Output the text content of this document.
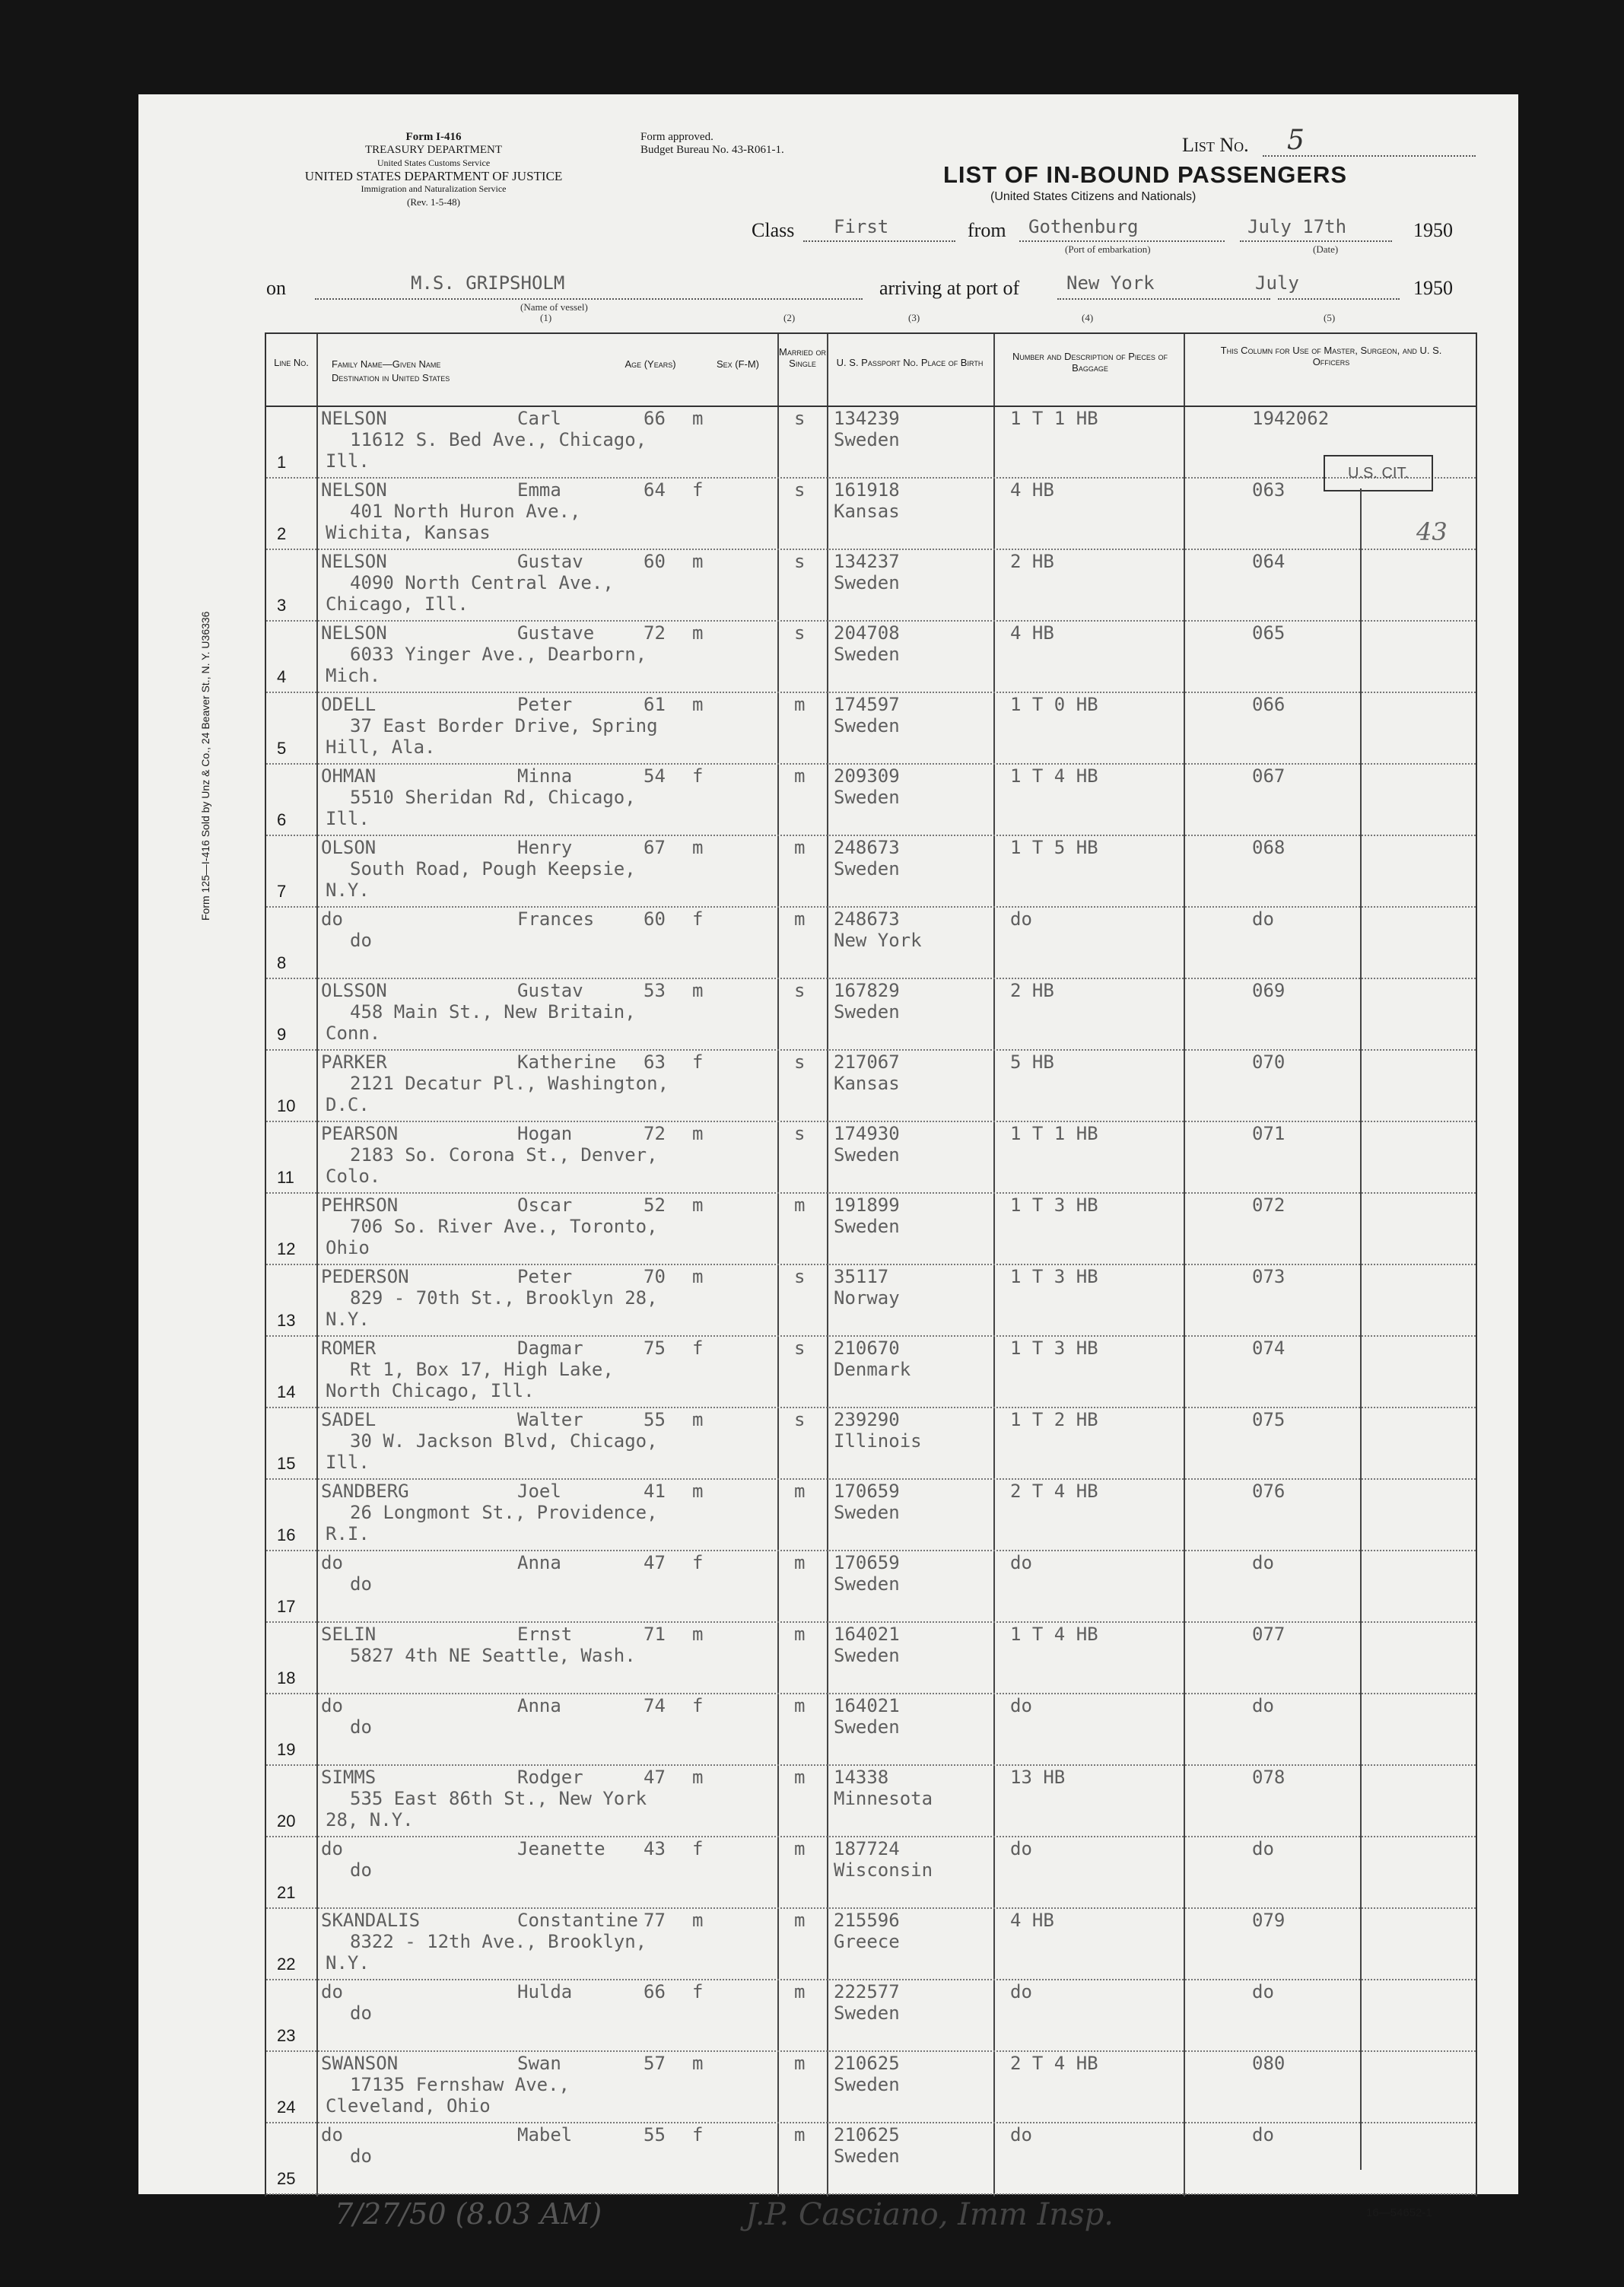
Form I-416
TREASURY DEPARTMENT
United States Customs Service
UNITED STATES DEPARTMENT OF JUSTICE
Immigration and Naturalization Service
(Rev. 1-5-48)
Form approved.
Budget Bureau No. 43-R061-1.	List No. 5
LIST OF IN-BOUND PASSENGERS
(United States Citizens and Nationals)
Class First	from Gothenburg	July 17th	1950
(Port of embarkation)	(Date)
on	M.S. GRIPSHOLM
(Name of vessel)
arriving at port of	New York	July	1950
(1)	(2)	(3)	(4)	(5)
Form 125—I-416 Sold by Unz & Co., 24 Beaver St., N. Y. U36336
Line No.	Family Name—Given Name
Destination in United States
Age (Years)	Sex (F-M)
Married or Single	U. S. Passport No. Place of Birth
Number and Description of Pieces of Baggage
This Column for Use of Master, Surgeon, and U. S. Officers
1
NELSON	Carl
11612 S. Bed Ave., Chicago,
Ill.
66 m	s 134239
Sweden
1 T 1 HB	1942062
2
NELSON	Emma
401 North Huron Ave.,
Wichita, Kansas
64 f	s 161918
Kansas
4 HB	063
3
NELSON	Gustav
4090 North Central Ave.,
Chicago, Ill.
60 m	s 134237
Sweden
2 HB	064
4
NELSON	Gustave
6033 Yinger Ave., Dearborn,
Mich.
72 m	s 204708
Sweden
4 HB	065
5
ODELL	Peter
37 East Border Drive, Spring
Hill, Ala.
61 m	m 174597
Sweden
1 T 0 HB	066
6
OHMAN	Minna
5510 Sheridan Rd, Chicago,
Ill.
54 f	m 209309
Sweden
1 T 4 HB	067
7
OLSON	Henry
South Road, Pough Keepsie,
N.Y.
67 m	m 248673
Sweden
1 T 5 HB	068
8
do	Frances
do
60 f	m 248673
New York
do	do
9
OLSSON	Gustav
458 Main St., New Britain,
Conn.
53 m	s 167829
Sweden
2 HB	069
10
PARKER	Katherine
2121 Decatur Pl., Washington,
D.C.
63 f	s 217067
Kansas
5 HB	070
11
PEARSON	Hogan
2183 So. Corona St., Denver,
Colo.
72 m	s 174930
Sweden
1 T 1 HB	071
12
PEHRSON	Oscar
706 So. River Ave., Toronto,
Ohio
52 m	m 191899
Sweden
1 T 3 HB	072
13
PEDERSON	Peter
829 - 70th St., Brooklyn 28,
N.Y.
70 m	s 35117
Norway
1 T 3 HB	073
14
ROMER	Dagmar
Rt 1, Box 17, High Lake,
North Chicago, Ill.
75 f	s 210670
Denmark
1 T 3 HB	074
15
SADEL	Walter
30 W. Jackson Blvd, Chicago,
Ill.
55 m	s 239290
Illinois
1 T 2 HB	075
16
SANDBERG	Joel
26 Longmont St., Providence,
R.I.
41 m	m 170659
Sweden
2 T 4 HB	076
17
do	Anna
do
47 f	m 170659
Sweden
do	do
18
SELIN	Ernst
5827 4th NE Seattle, Wash.
71 m	m 164021
Sweden
1 T 4 HB	077
19
do	Anna
do
74 f	m 164021
Sweden
do	do
20
SIMMS	Rodger
535 East 86th St., New York
28, N.Y.
47 m	m 14338
Minnesota
13 HB	078
21
do	Jeanette
do
43 f	m 187724
Wisconsin
do	do
22
SKANDALIS	Constantine
8322 - 12th Ave., Brooklyn,
N.Y.
77 m	m 215596
Greece
4 HB	079
23
do	Hulda
do
66 f	m 222577
Sweden
do	do
24
SWANSON	Swan
17135 Fernshaw Ave.,
Cleveland, Ohio
57 m	m 210625
Sweden
2 T 4 HB	080
25
do	Mabel
do
55 f	m 210625
Sweden
do	do
U.S. CIT.
43
7/27/50 (8.03 AM)	J.P. Casciano, Imm Insp.	16—54652-1
